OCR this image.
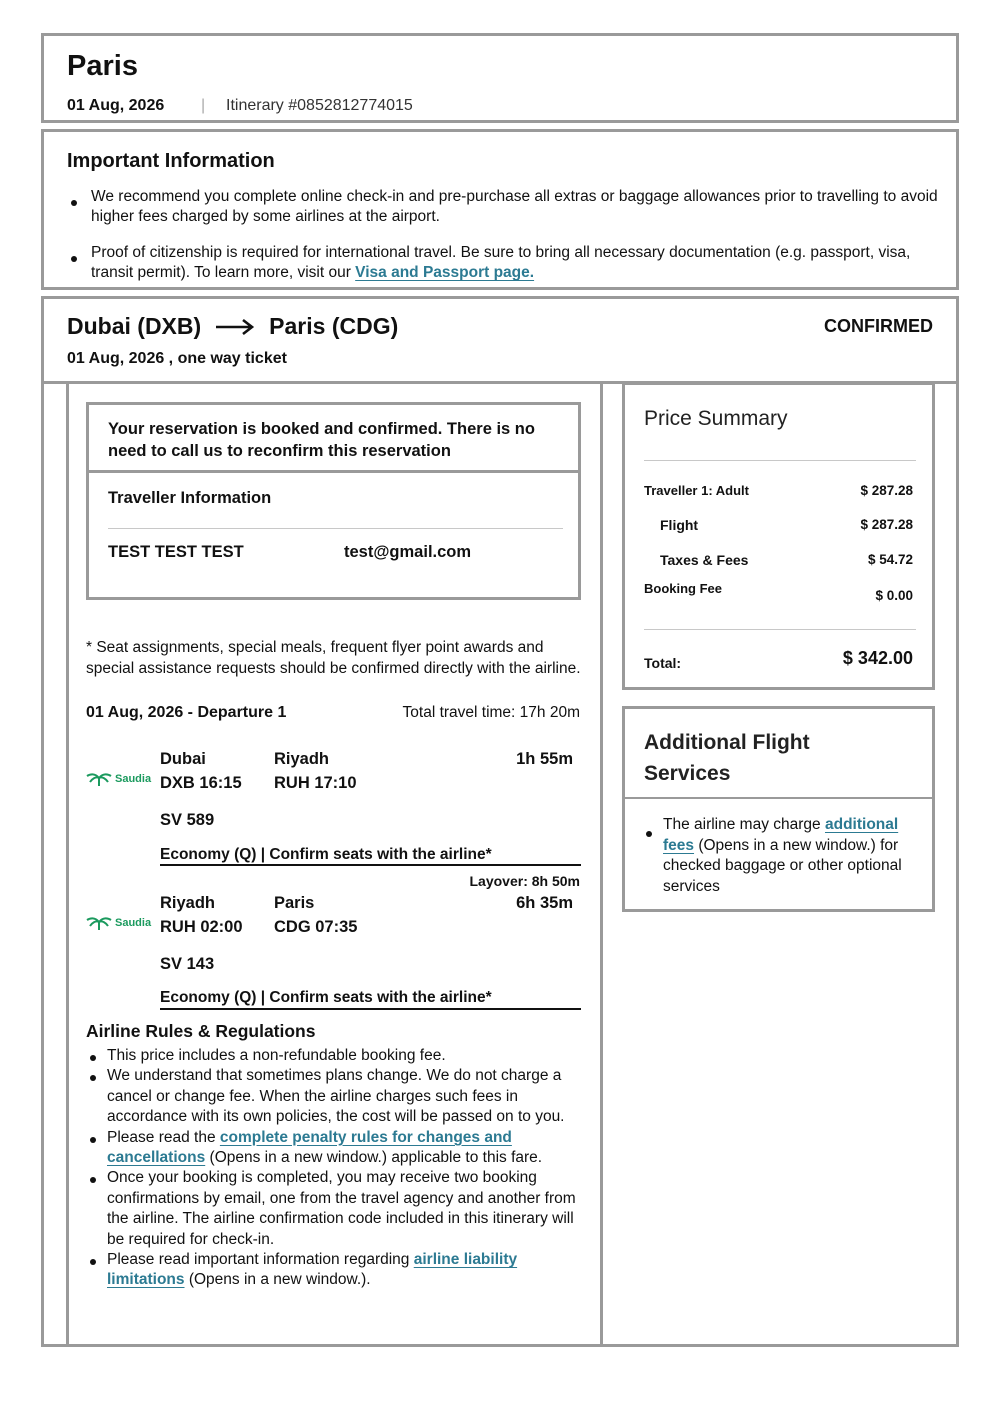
Paris
01 Aug, 2026 | Itinerary #0852812774015
Important Information
We recommend you complete online check-in and pre-purchase all extras or baggage allowances prior to travelling to avoid higher fees charged by some airlines at the airport.
Proof of citizenship is required for international travel. Be sure to bring all necessary documentation (e.g. passport, visa, transit permit). To learn more, visit our Visa and Passport page.
Dubai (DXB)	Paris (CDG)	CONFIRMED
01 Aug, 2026 , one way ticket
Your reservation is booked and confirmed. There is no need to call us to reconfirm this reservation
Traveller Information
TEST TEST TEST	test@gmail.com
* Seat assignments, special meals, frequent flyer point awards and special assistance requests should be confirmed directly with the airline.
01 Aug, 2026 - Departure 1	Total travel time: 17h 20m
Saudia
Dubai	Riyadh	1h 55m
DXB 16:15 RUH 17:10
SV 589
Economy (Q) | Confirm seats with the airline*
Layover: 8h 50m
Saudia
Riyadh	Paris	6h 35m
RUH 02:00 CDG 07:35
SV 143
Economy (Q) | Confirm seats with the airline*
Airline Rules & Regulations
This price includes a non-refundable booking fee.
We understand that sometimes plans change. We do not charge a cancel or change fee. When the airline charges such fees in accordance with its own policies, the cost will be passed on to you.
Please read the complete penalty rules for changes and cancellations (Opens in a new window.) applicable to this fare.
Once your booking is completed, you may receive two booking confirmations by email, one from the travel agency and another from the airline. The airline confirmation code included in this itinerary will be required for check-in.
Please read important information regarding airline liability limitations (Opens in a new window.).
Price Summary
Traveller 1: Adult	$ 287.28
Flight	$ 287.28
Taxes & Fees	$ 54.72
Booking Fee	$ 0.00
Total:	$ 342.00
Additional Flight Services
The airline may charge additional fees (Opens in a new window.) for checked baggage or other optional services
